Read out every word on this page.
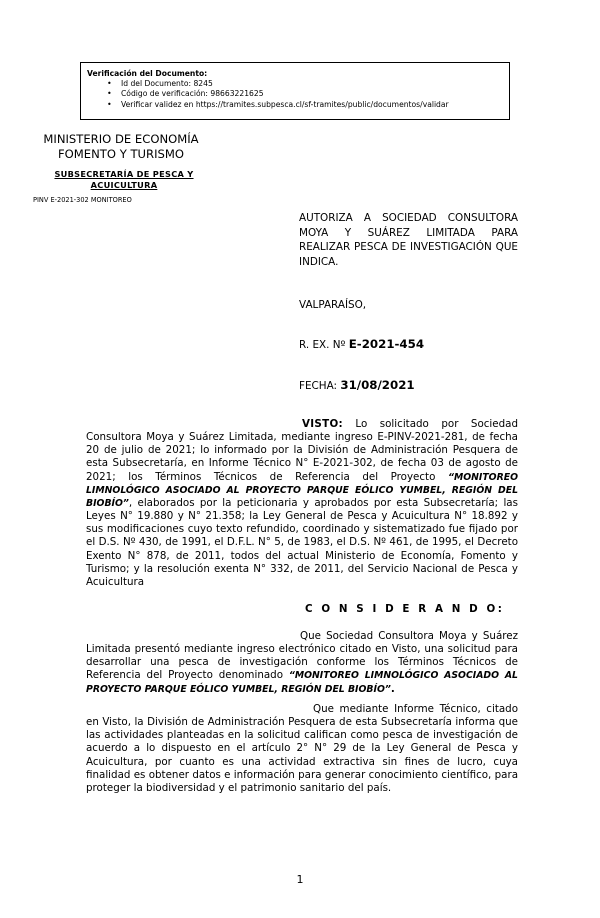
Verificación del Documento:
• Id del Documento: 8245
• Código de verificación: 98663221625
• Verificar validez en https://tramites.subpesca.cl/sf-tramites/public/documentos/validar
MINISTERIO DE ECONOMÍA FOMENTO Y TURISMO
SUBSECRETARÍA DE PESCA Y ACUICULTURA
PINV E-2021-302 MONITOREO
AUTORIZA A SOCIEDAD CONSULTORA MOYA Y SUÁREZ LIMITADA PARA REALIZAR PESCA DE INVESTIGACIÓN QUE INDICA.
VALPARAÍSO,
R. EX. Nº E-2021-454
FECHA: 31/08/2021
VISTO: Lo solicitado por Sociedad Consultora Moya y Suárez Limitada, mediante ingreso E-PINV-2021-281, de fecha 20 de julio de 2021; lo informado por la División de Administración Pesquera de esta Subsecretaría, en Informe Técnico N° E-2021-302, de fecha 03 de agosto de 2021; los Términos Técnicos de Referencia del Proyecto “MONITOREO LIMNOLÓGICO ASOCIADO AL PROYECTO PARQUE EÓLICO YUMBEL, REGIÓN DEL BIOBÍO”, elaborados por la peticionaria y aprobados por esta Subsecretaría; las Leyes N° 19.880 y N° 21.358; la Ley General de Pesca y Acuicultura N° 18.892 y sus modificaciones cuyo texto refundido, coordinado y sistematizado fue fijado por el D.S. Nº 430, de 1991, el D.F.L. N° 5, de 1983, el D.S. Nº 461, de 1995, el Decreto Exento N° 878, de 2011, todos del actual Ministerio de Economía, Fomento y Turismo; y la resolución exenta N° 332, de 2011, del Servicio Nacional de Pesca y Acuicultura
C O N S I D E R A N D O:
Que Sociedad Consultora Moya y Suárez Limitada presentó mediante ingreso electrónico citado en Visto, una solicitud para desarrollar una pesca de investigación conforme los Términos Técnicos de Referencia del Proyecto denominado “MONITOREO LIMNOLÓGICO ASOCIADO AL PROYECTO PARQUE EÓLICO YUMBEL, REGIÓN DEL BIOBÍO”.
Que mediante Informe Técnico, citado en Visto, la División de Administración Pesquera de esta Subsecretaría informa que las actividades planteadas en la solicitud califican como pesca de investigación de acuerdo a lo dispuesto en el artículo 2° N° 29 de la Ley General de Pesca y Acuicultura, por cuanto es una actividad extractiva sin fines de lucro, cuya finalidad es obtener datos e información para generar conocimiento científico, para proteger la biodiversidad y el patrimonio sanitario del país.
1
